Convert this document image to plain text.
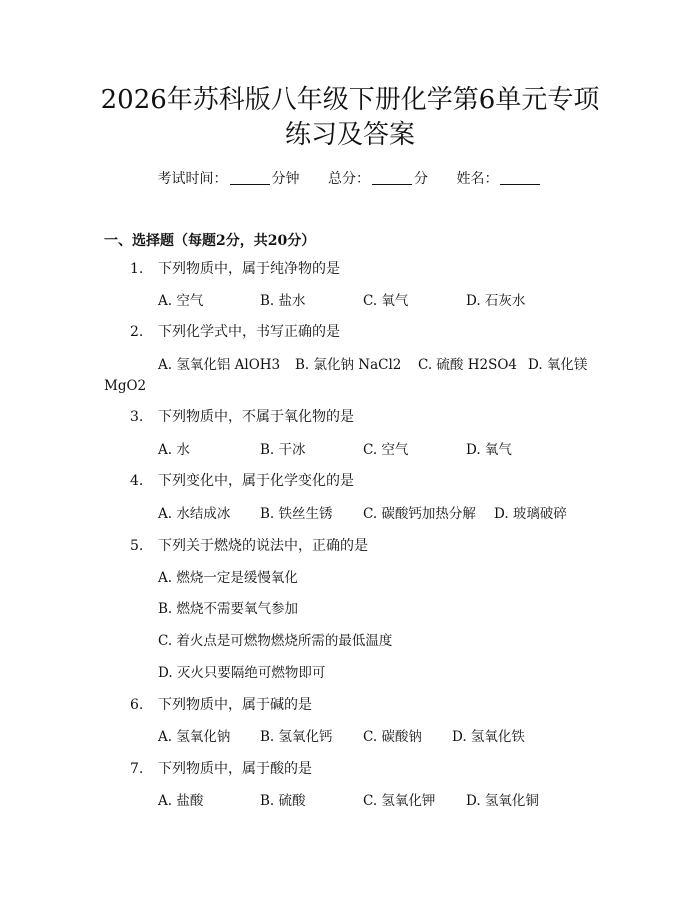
2026年苏科版八年级下册化学第6单元专项
练习及答案
考试时间：	分钟 总分：	分 姓名：
一、选择题（每题2分，共20分）
1. 下列物质中，属于纯净物的是
A. 空气	B. 盐水	C. 氧气	D. 石灰水
2. 下列化学式中，书写正确的是
A. 氢氧化铝 AlOH3 B. 氯化钠 NaCl2 C. 硫酸 H2SO4 D. 氧化镁
MgO2
3. 下列物质中，不属于氧化物的是
A. 水	B. 干冰	C. 空气	D. 氧气
4. 下列变化中，属于化学变化的是
A. 水结成冰 B. 铁丝生锈 C. 碳酸钙加热分解 D. 玻璃破碎
5. 下列关于燃烧的说法中，正确的是
A. 燃烧一定是缓慢氧化
B. 燃烧不需要氧气参加
C. 着火点是可燃物燃烧所需的最低温度
D. 灭火只要隔绝可燃物即可
6. 下列物质中，属于碱的是
A. 氢氧化钠 B. 氢氧化钙 C. 碳酸钠 D. 氢氧化铁
7. 下列物质中，属于酸的是
A. 盐酸	B. 硫酸	C. 氢氧化钾 D. 氢氧化铜
